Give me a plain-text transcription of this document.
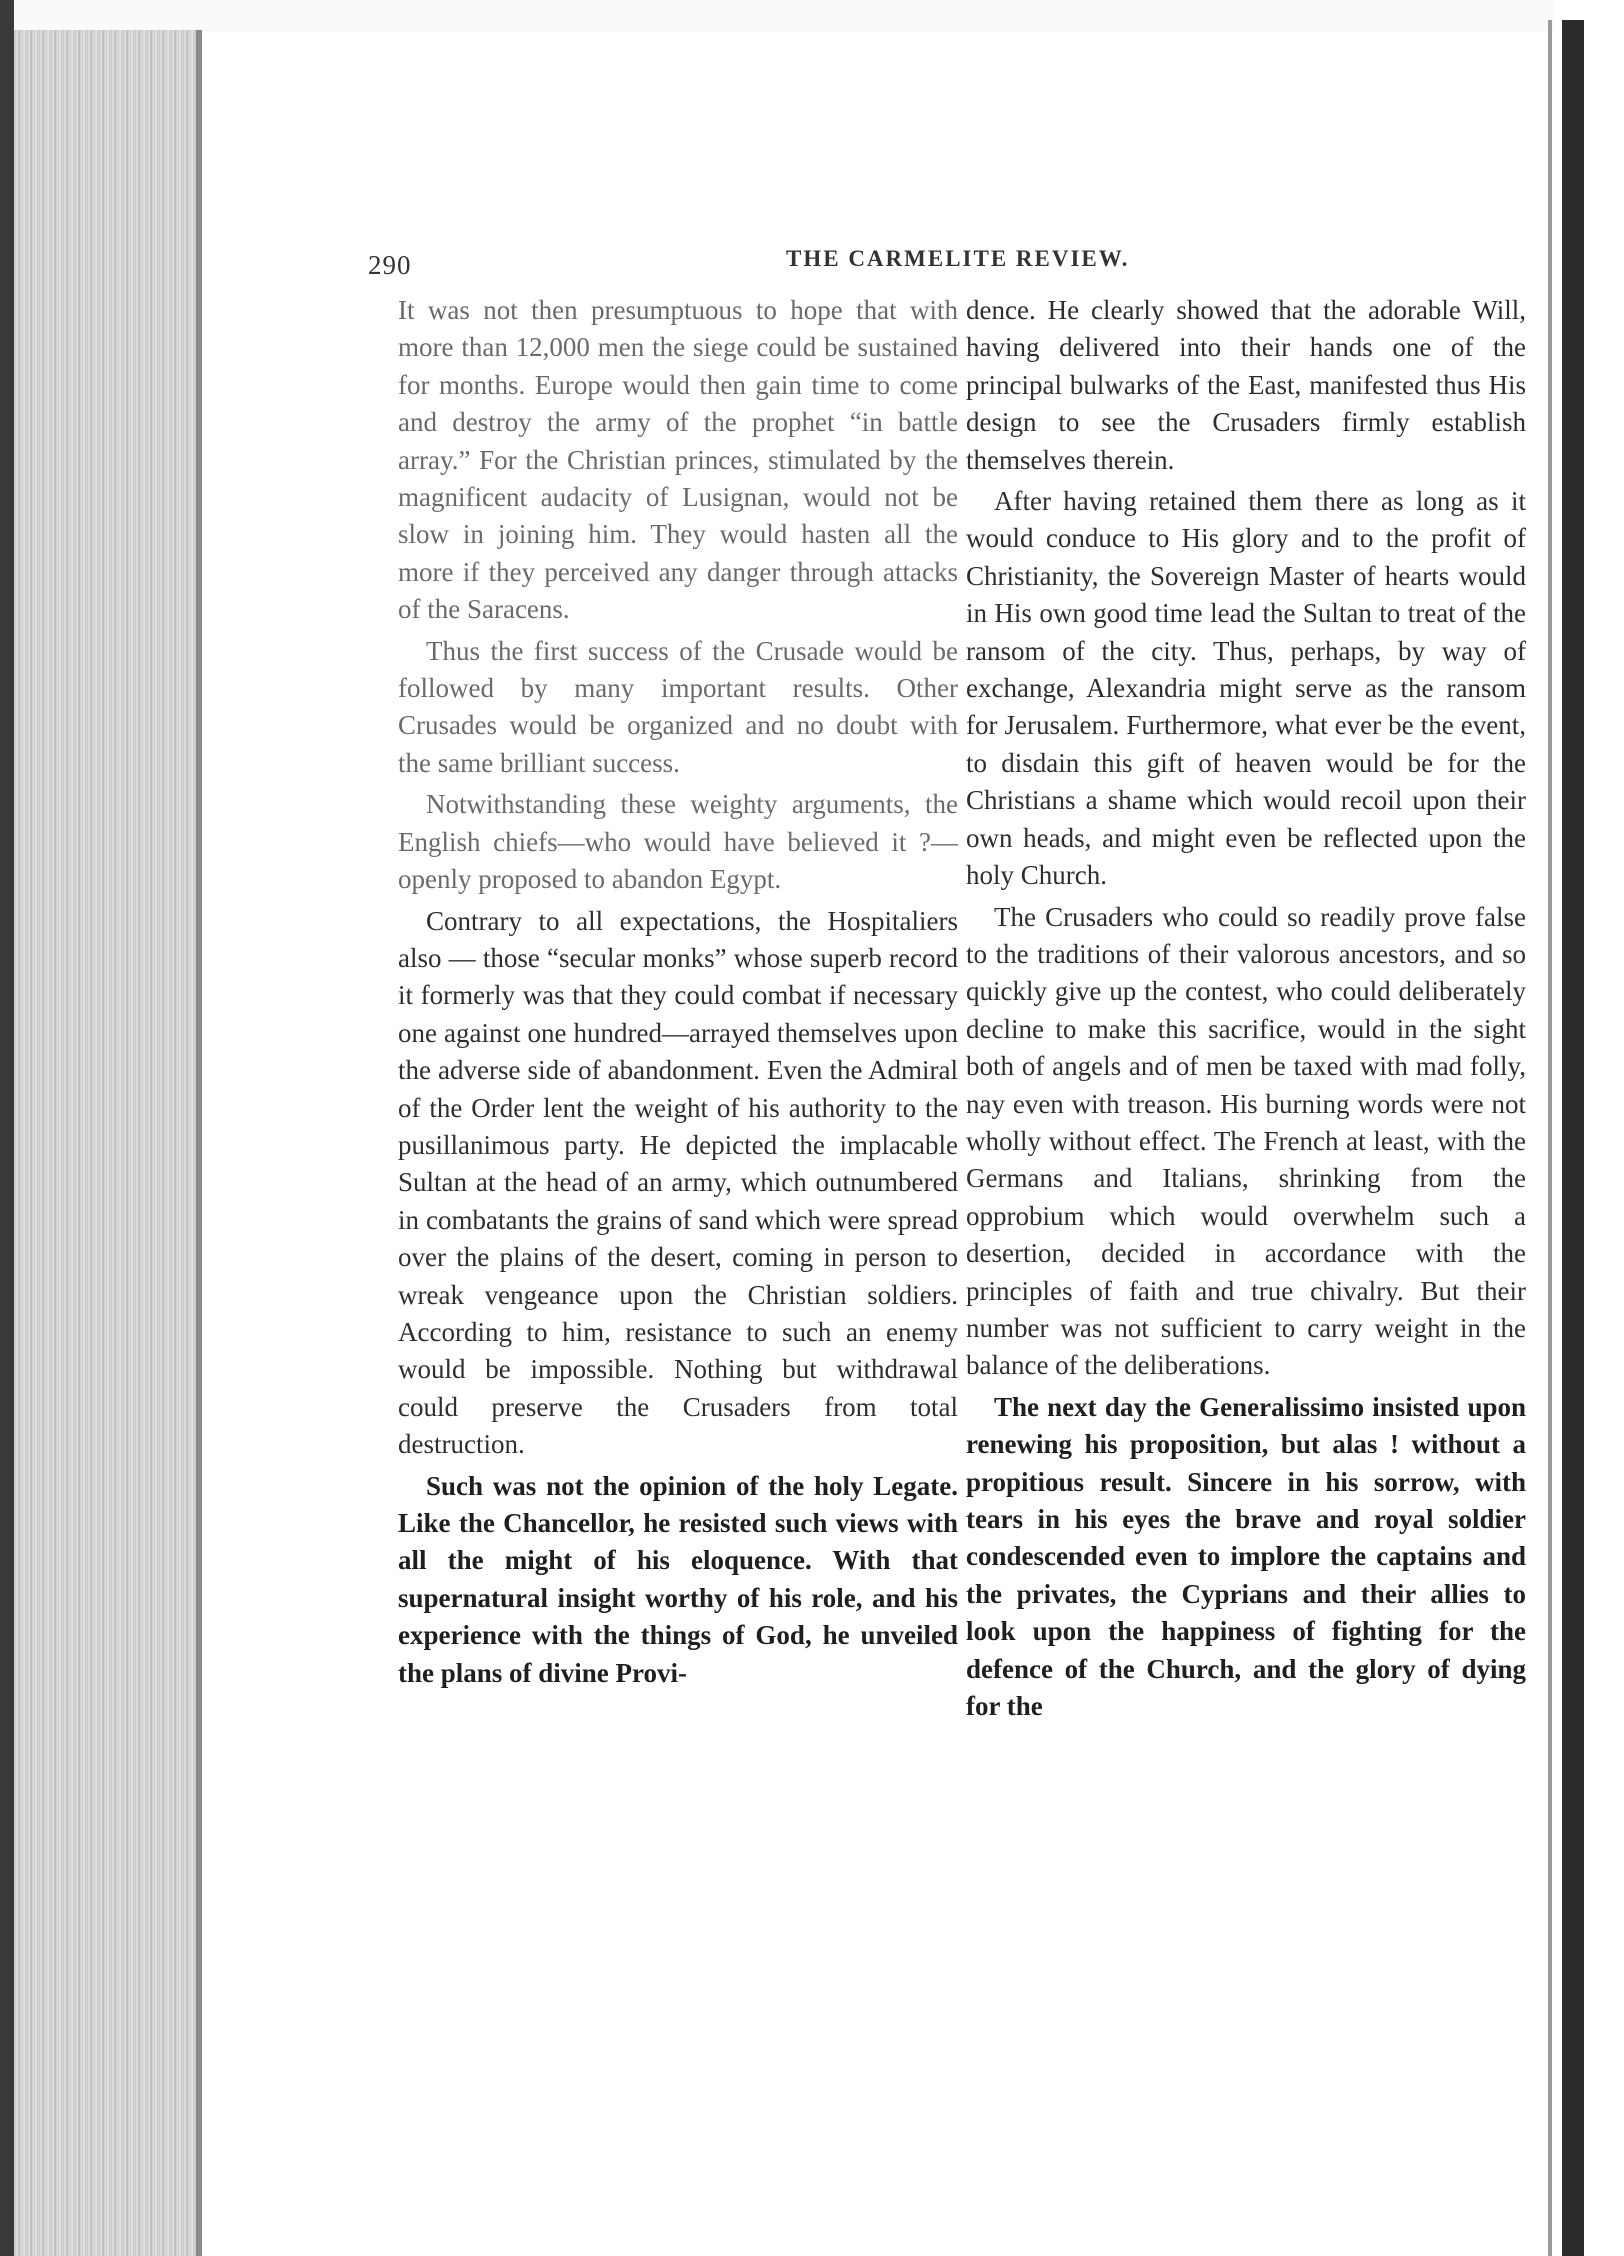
290	THE CARMELITE REVIEW.

It was not then presumptuous to hope that with more than 12,000 men the siege could be sustained for months. Europe would then gain time to come and destroy the army of the prophet “in battle array.” For the Christian princes, stimulated by the magnificent audacity of Lusignan, would not be slow in joining him. They would hasten all the more if they perceived any danger through attacks of the Saracens.

Thus the first success of the Crusade would be followed by many important results. Other Crusades would be organized and no doubt with the same brilliant success.

Notwithstanding these weighty arguments, the English chiefs—who would have believed it ?—openly proposed to abandon Egypt.

Contrary to all expectations, the Hospitaliers also — those “secular monks” whose superb record it formerly was that they could combat if necessary one against one hundred—arrayed themselves upon the adverse side of abandonment. Even the Admiral of the Order lent the weight of his authority to the pusillanimous party. He depicted the implacable Sultan at the head of an army, which outnumbered in combatants the grains of sand which were spread over the plains of the desert, coming in person to wreak vengeance upon the Christian soldiers. According to him, resistance to such an enemy would be impossible. Nothing but withdrawal could preserve the Crusaders from total destruction.

Such was not the opinion of the holy Legate. Like the Chancellor, he resisted such views with all the might of his eloquence. With that supernatural insight worthy of his role, and his experience with the things of God, he unveiled the plans of divine Provi-

dence. He clearly showed that the adorable Will, having delivered into their hands one of the principal bulwarks of the East, manifested thus His design to see the Crusaders firmly establish themselves therein.

After having retained them there as long as it would conduce to His glory and to the profit of Christianity, the Sovereign Master of hearts would in His own good time lead the Sultan to treat of the ransom of the city. Thus, perhaps, by way of exchange, Alexandria might serve as the ransom for Jerusalem. Furthermore, what ever be the event, to disdain this gift of heaven would be for the Christians a shame which would recoil upon their own heads, and might even be reflected upon the holy Church.

The Crusaders who could so readily prove false to the traditions of their valorous ancestors, and so quickly give up the contest, who could deliberately decline to make this sacrifice, would in the sight both of angels and of men be taxed with mad folly, nay even with treason. His burning words were not wholly without effect. The French at least, with the Germans and Italians, shrinking from the opprobium which would overwhelm such a desertion, decided in accordance with the principles of faith and true chivalry. But their number was not sufficient to carry weight in the balance of the deliberations.

The next day the Generalissimo insisted upon renewing his proposition, but alas ! without a propitious result. Sincere in his sorrow, with tears in his eyes the brave and royal soldier condescended even to implore the captains and the privates, the Cyprians and their allies to look upon the happiness of fighting for the defence of the Church, and the glory of dying for the
